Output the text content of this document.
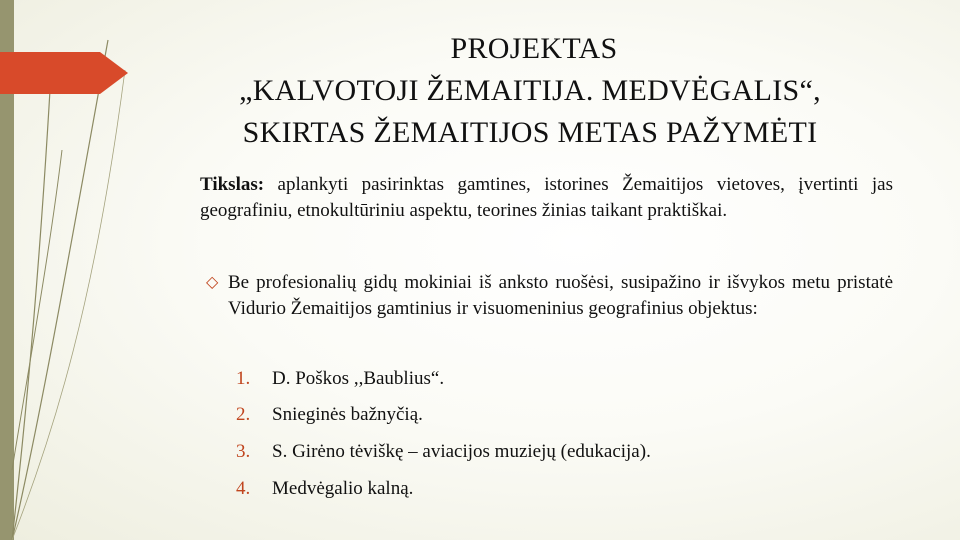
PROJEKTAS
„KALVOTOJI ŽEMAITIJA. MEDVĖGALIS“,
SKIRTAS ŽEMAITIJOS METAS PAŽYMĖTI
Tikslas: aplankyti pasirinktas gamtines, istorines Žemaitijos vietoves, įvertinti jas geografiniu, etnokultūriniu aspektu, teorines žinias taikant praktiškai.
◇ Be profesionalių gidų mokiniai iš anksto ruošėsi, susipažino ir išvykos metu pristatė Vidurio Žemaitijos gamtinius ir visuomeninius geografinius objektus:
1. D. Poškos ,,Baublius“.
2. Snieginės bažnyčią.
3. S. Girėno tėviškę – aviacijos muziejų (edukacija).
4. Medvėgalio kalną.
